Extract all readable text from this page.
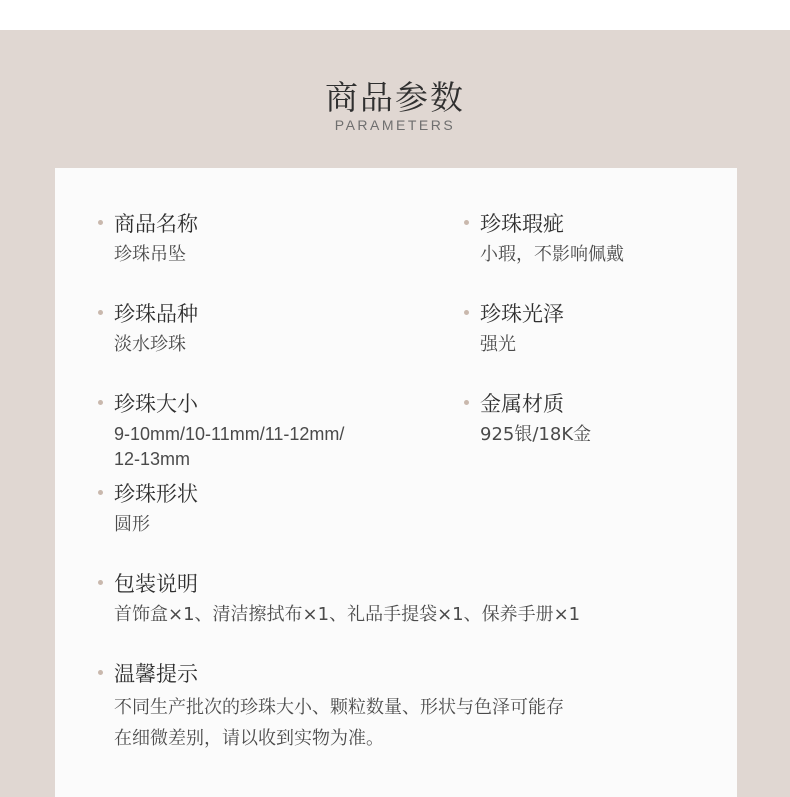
商品参数
PARAMETERS
商品名称
珍珠吊坠
珍珠瑕疵
小瑕，不影响佩戴
珍珠品种
淡水珍珠
珍珠光泽
强光
珍珠大小
9-10mm/10-11mm/11-12mm/
12-13mm
金属材质
925银/18K金
珍珠形状
圆形
包装说明
首饰盒×1、清洁擦拭布×1、礼品手提袋×1、保养手册×1
温馨提示
不同生产批次的珍珠大小、颗粒数量、形状与色泽可能存
在细微差别，请以收到实物为准。
